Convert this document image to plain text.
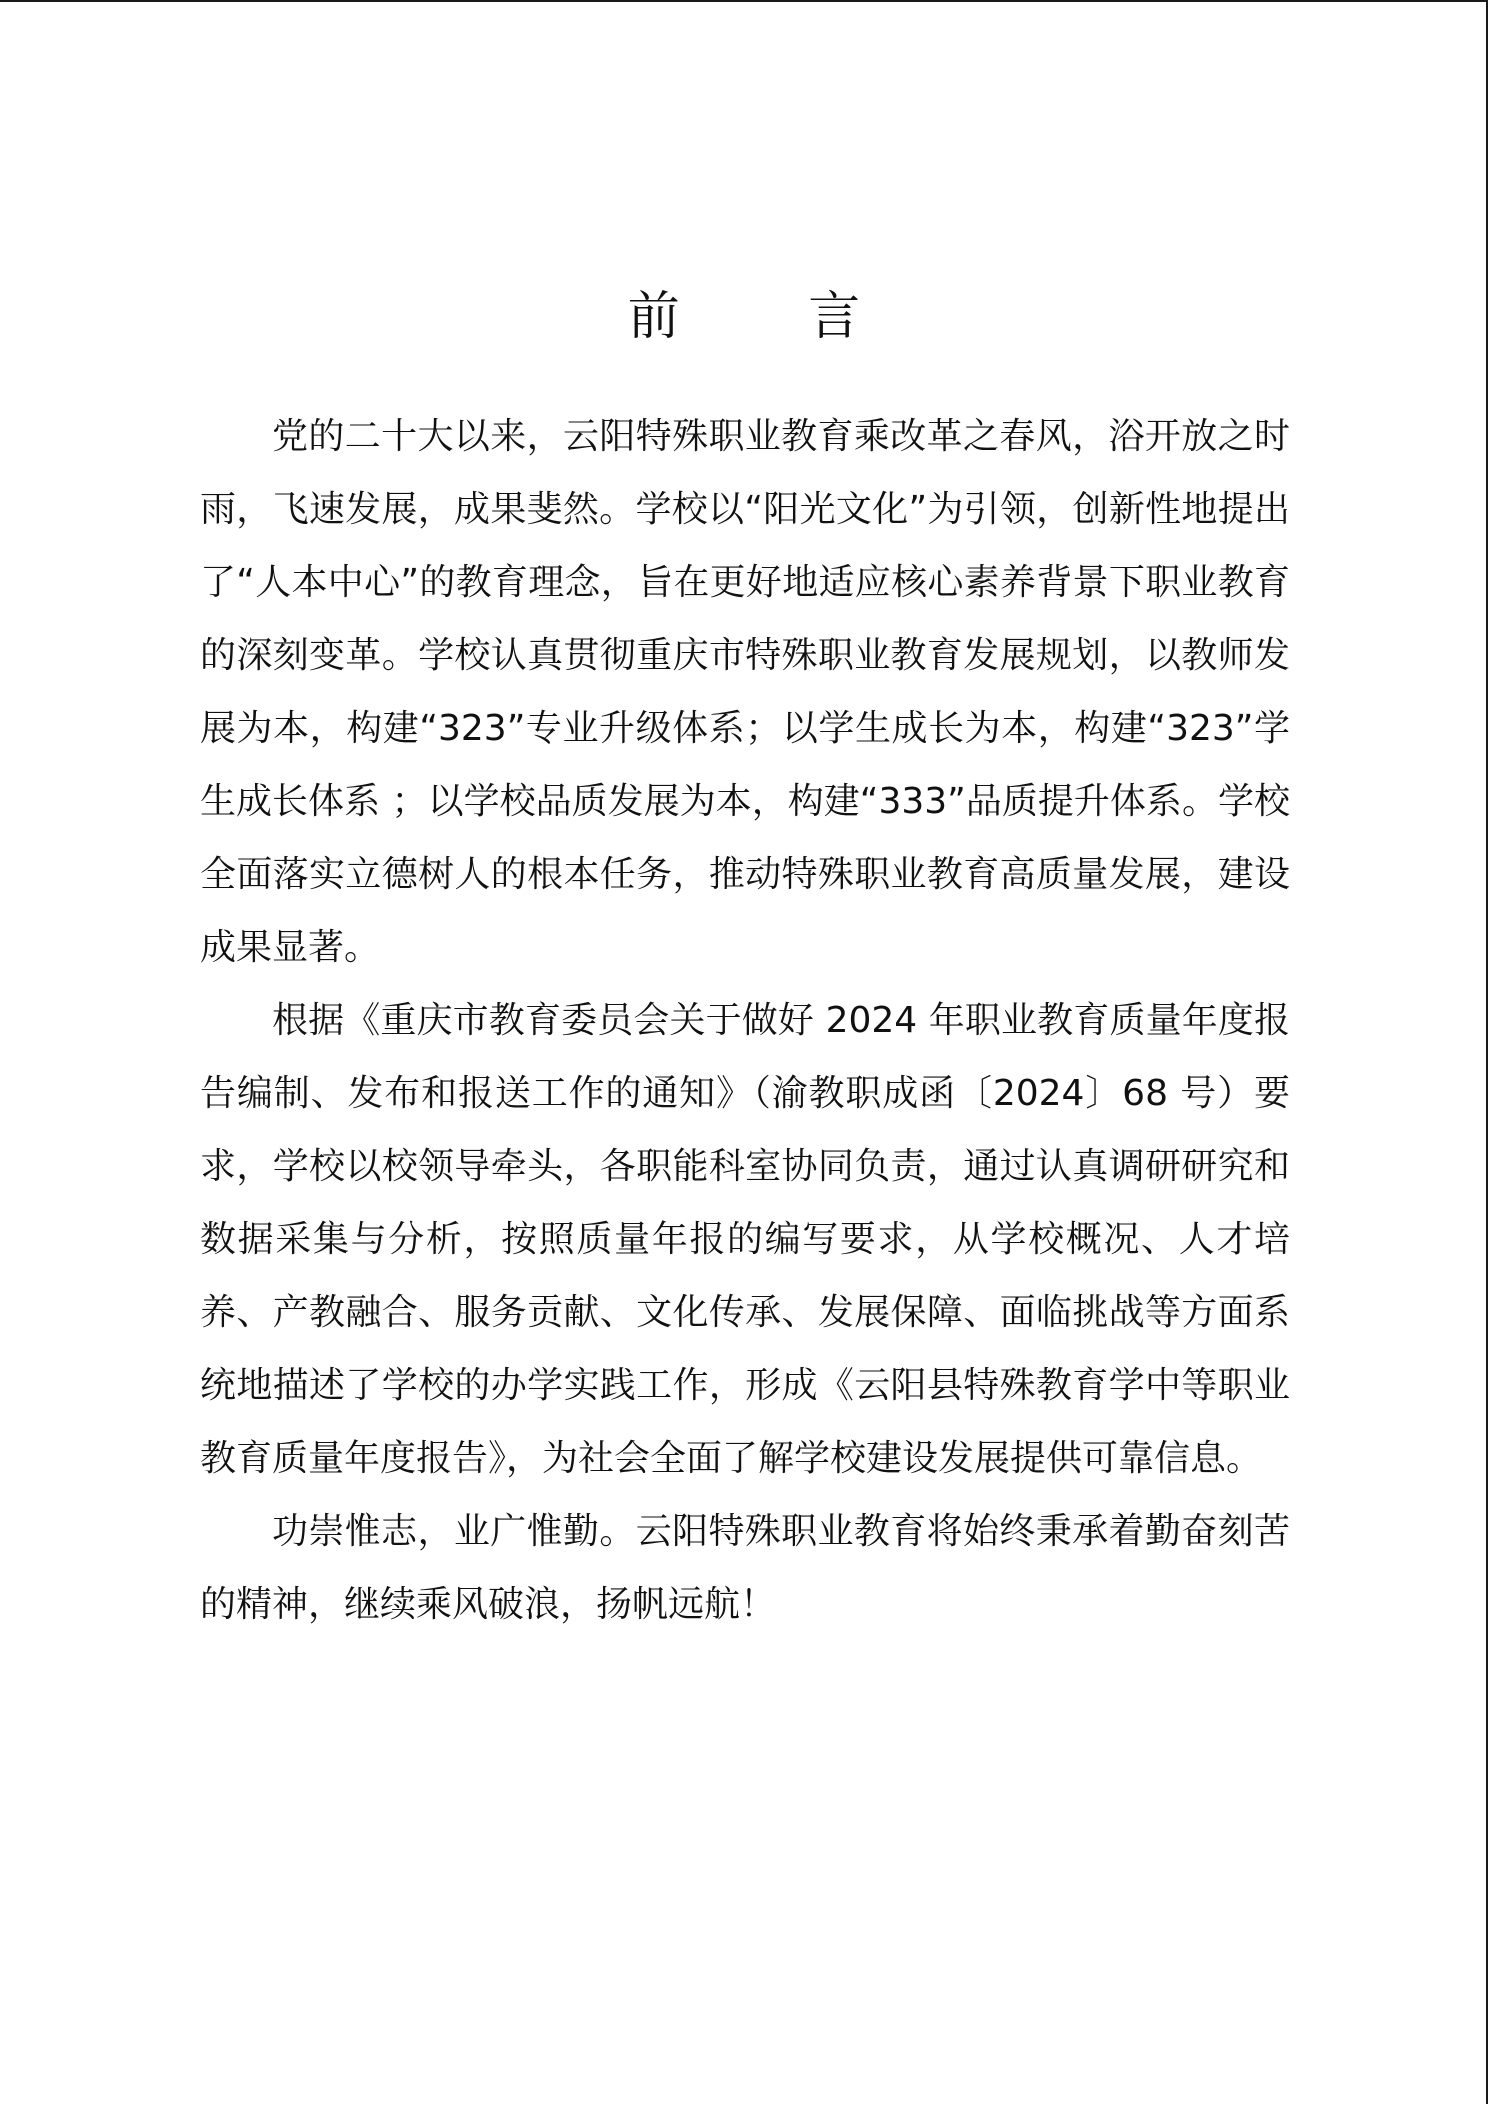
前 言

党的二十大以来，云阳特殊职业教育乘改革之春风，浴开放之时雨，飞速发展，成果斐然。学校以“阳光文化”为引领，创新性地提出了“人本中心”的教育理念，旨在更好地适应核心素养背景下职业教育的深刻变革。学校认真贯彻重庆市特殊职业教育发展规划，以教师发展为本，构建“323”专业升级体系；以学生成长为本，构建“323”学生成长体系 ；以学校品质发展为本，构建“333”品质提升体系。学校全面落实立德树人的根本任务，推动特殊职业教育高质量发展，建设成果显著。

根据《重庆市教育委员会关于做好 2024 年职业教育质量年度报告编制、发布和报送工作的通知》（渝教职成函〔2024〕68 号）要求，学校以校领导牵头，各职能科室协同负责，通过认真调研研究和数据采集与分析，按照质量年报的编写要求，从学校概况、人才培养、产教融合、服务贡献、文化传承、发展保障、面临挑战等方面系统地描述了学校的办学实践工作，形成《云阳县特殊教育学中等职业教育质量年度报告》，为社会全面了解学校建设发展提供可靠信息。

功崇惟志，业广惟勤。云阳特殊职业教育将始终秉承着勤奋刻苦的精神，继续乘风破浪，扬帆远航！
